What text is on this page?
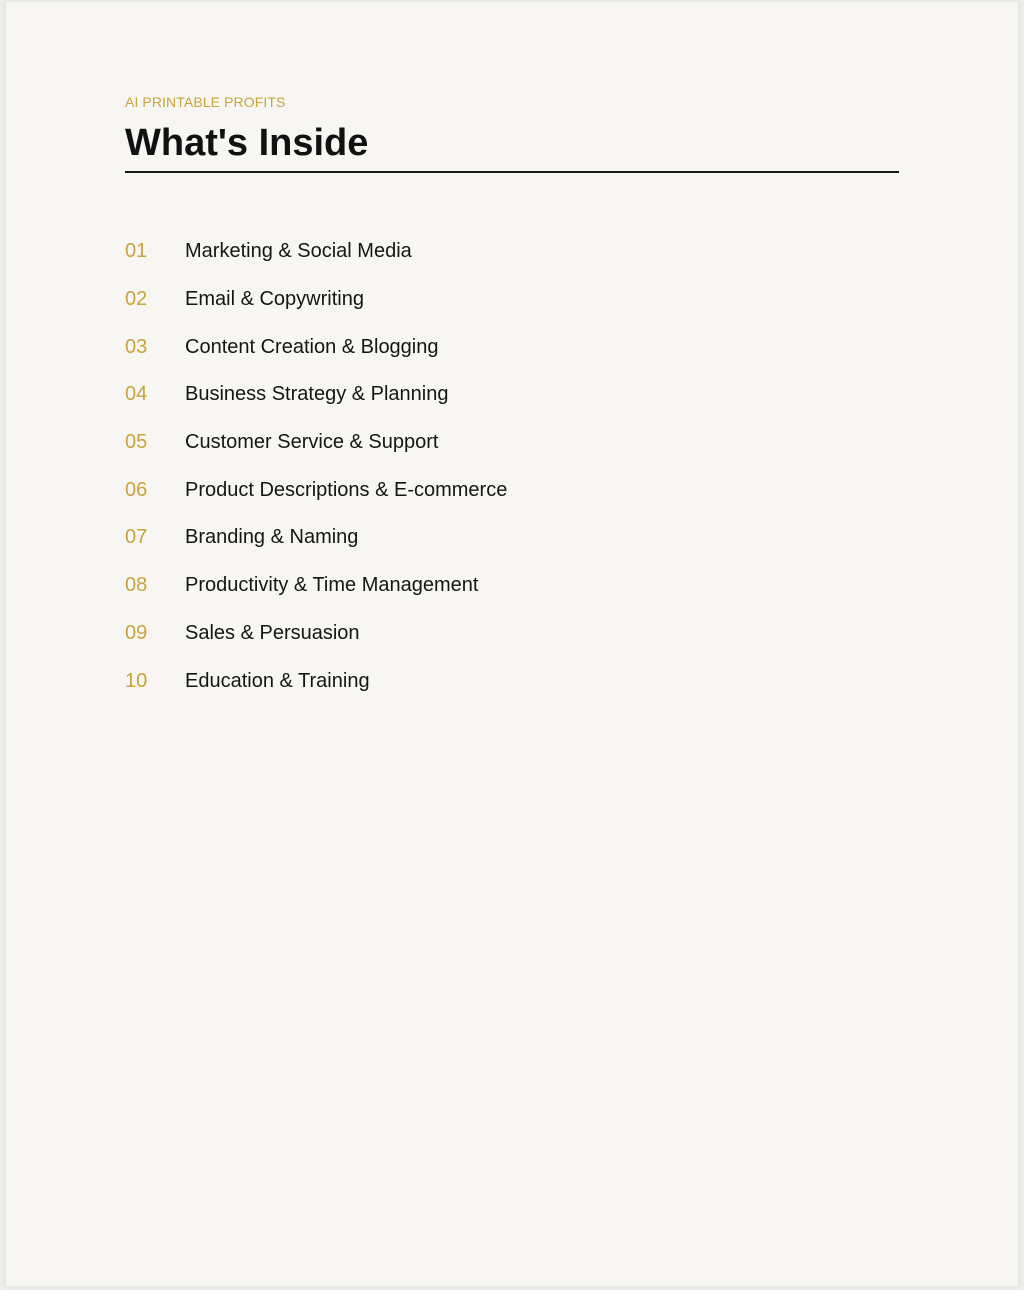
AI PRINTABLE PROFITS
What's Inside
01	Marketing & Social Media
02	Email & Copywriting
03	Content Creation & Blogging
04	Business Strategy & Planning
05	Customer Service & Support
06	Product Descriptions & E-commerce
07	Branding & Naming
08	Productivity & Time Management
09	Sales & Persuasion
10	Education & Training
